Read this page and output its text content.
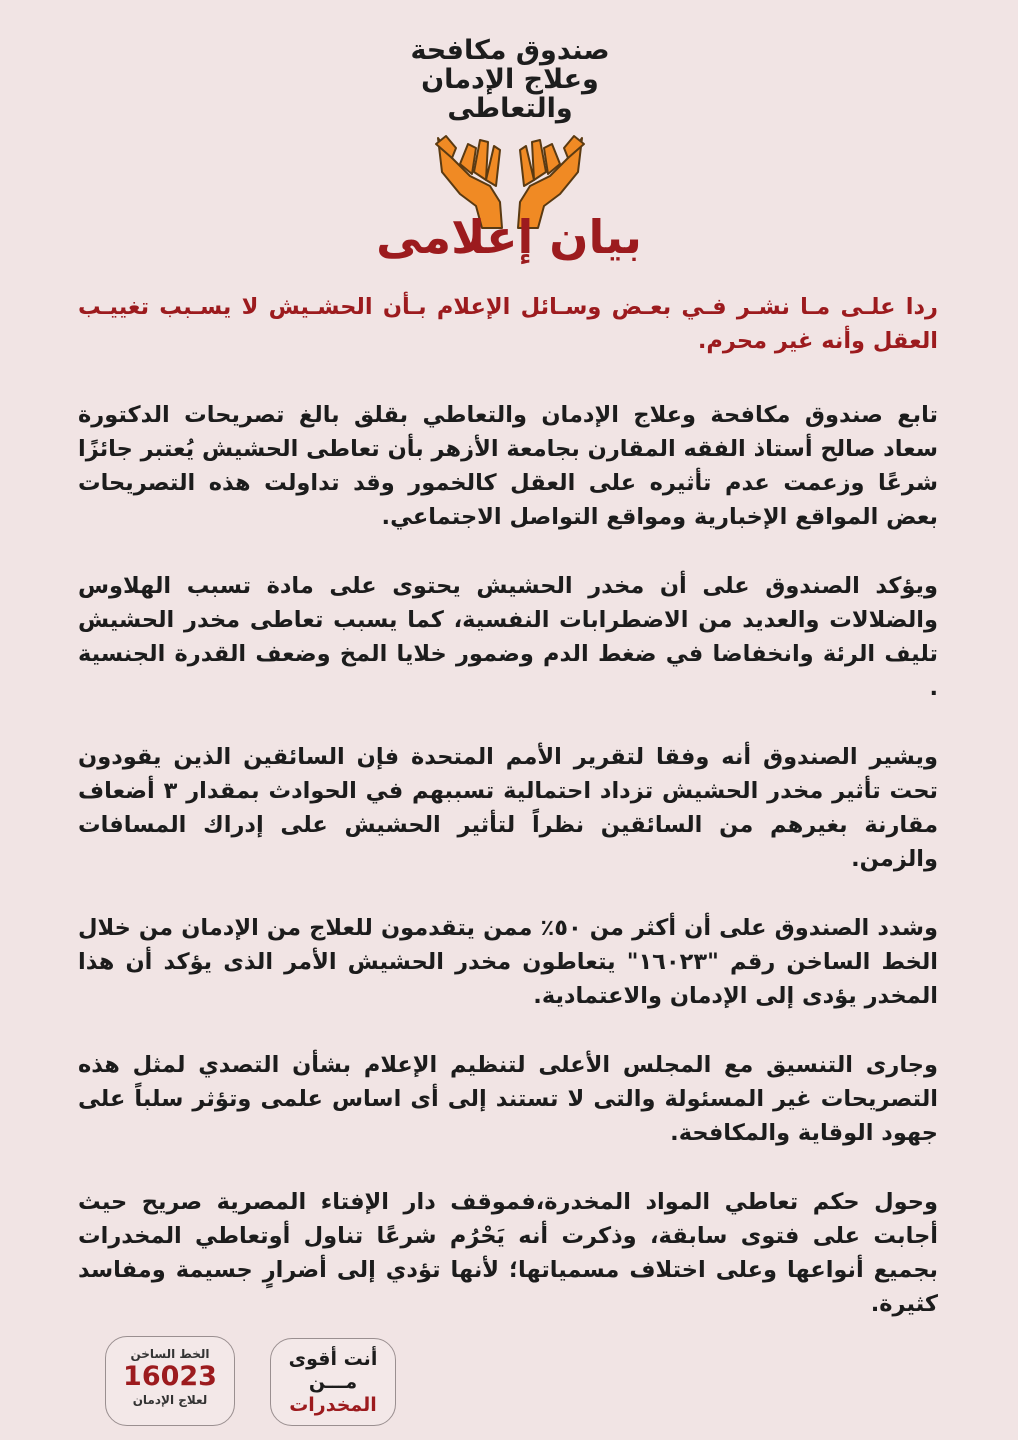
صندوق مكافحة
وعلاج الإدمان
والتعاطى
بيان إعلامى

ردا علـى مـا نشـر فـي بعـض وسـائل الإعلام بـأن الحشـيش لا يسـبب تغييـب العقل وأنه غير محرم.

تابع صندوق مكافحة وعلاج الإدمان والتعاطي بقلق بالغ تصريحات الدكتورة سعاد صالح أستاذ الفقه المقارن بجامعة الأزهر بأن تعاطى الحشيش يُعتبر جائزًا شرعًا وزعمت عدم تأثيره على العقل كالخمور وقد تداولت هذه التصريحات بعض المواقع الإخبارية ومواقع التواصل الاجتماعي.

ويؤكد الصندوق على أن مخدر الحشيش يحتوى على مادة تسبب الهلاوس والضلالات والعديد من الاضطرابات النفسية، كما يسبب تعاطى مخدر الحشيش تليف الرئة وانخفاضا في ضغط الدم وضمور خلايا المخ وضعف القدرة الجنسية .

ويشير الصندوق أنه وفقا لتقرير الأمم المتحدة فإن السائقين الذين يقودون تحت تأثير مخدر الحشيش تزداد احتمالية تسببهم في الحوادث بمقدار ٣ أضعاف مقارنة بغيرهم من السائقين نظراً لتأثير الحشيش على إدراك المسافات والزمن.

وشدد الصندوق على أن أكثر من ٥٠٪ ممن يتقدمون للعلاج من الإدمان من خلال الخط الساخن رقم "١٦٠٢٣" يتعاطون مخدر الحشيش الأمر الذى يؤكد أن هذا المخدر يؤدى إلى الإدمان والاعتمادية.

وجارى التنسيق مع المجلس الأعلى لتنظيم الإعلام بشأن التصدي لمثل هذه التصريحات غير المسئولة والتى لا تستند إلى أى اساس علمى وتؤثر سلباً على جهود الوقاية والمكافحة.

وحول حكم تعاطي المواد المخدرة،فموقف دار الإفتاء المصرية صريح حيث أجابت على فتوى سابقة، وذكرت أنه يَحْرُم شرعًا تناول أوتعاطي المخدرات بجميع أنواعها وعلى اختلاف مسمياتها؛ لأنها تؤدي إلى أضرارٍ جسيمة ومفاسد كثيرة.

الخط الساخن
16023
لعلاج الإدمان
أنت أقوى
مـــن
المخدرات
